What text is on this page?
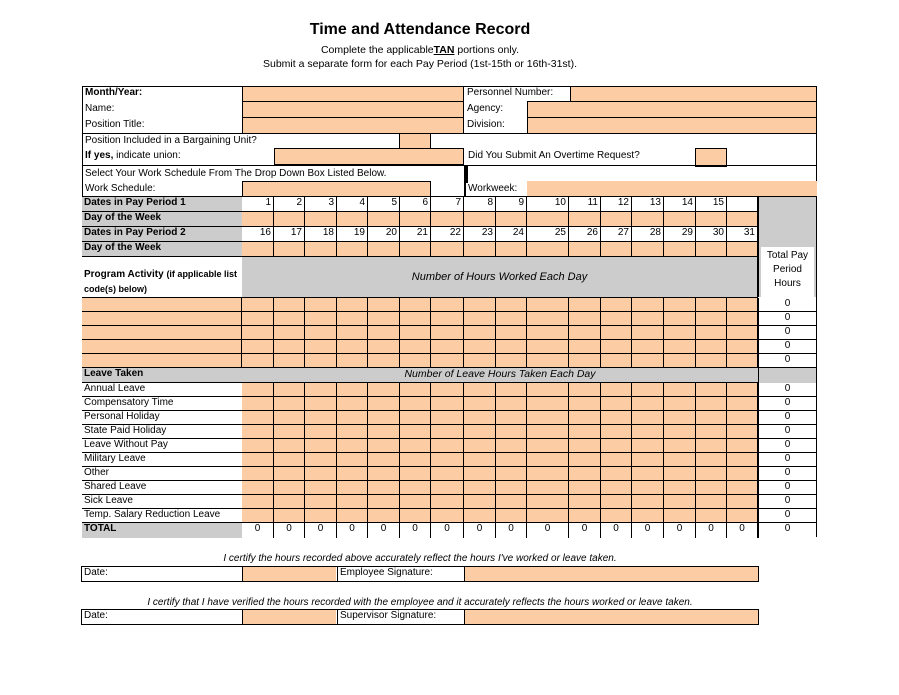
Time and Attendance Record
Complete the applicableTAN portions only.
Submit a separate form for each Pay Period (1st-15th or 16th-31st).
Month/Year:	Personnel Number:
Name:	Agency:
Position Title:	Division:
Position Included in a Bargaining Unit?
If yes, indicate union:	Did You Submit An Overtime Request?
Select Your Work Schedule From The Drop Down Box Listed Below.
Work Schedule:	Workweek:
Dates in Pay Period 1	1	2	3	4	5	6	7	8	9	10	11	12	13	14	15
Day of the Week
Dates in Pay Period 2	16	17	18	19	20	21	22	23	24	25	26	27	28	29	30	31
Day of the Week
Total Pay Period Hours
Program Activity (if applicable list code(s) below)
Number of Hours Worked Each Day
0
0
0
0
0
Leave Taken	Number of Leave Hours Taken Each Day
Annual Leave	0
Compensatory Time	0
Personal Holiday	0
State Paid Holiday	0
Leave Without Pay	0
Military Leave	0
Other	0
Shared Leave	0
Sick Leave	0
Temp. Salary Reduction Leave	0
TOTAL	0	0	0	0	0	0	0	0	0	0	0	0	0	0	0	0	0
I certify the hours recorded above accurately reflect the hours I've worked or leave taken.
Date:	Employee Signature:
I certify that I have verified the hours recorded with the employee and it accurately reflects the hours worked or leave taken.
Date:	Supervisor Signature:
